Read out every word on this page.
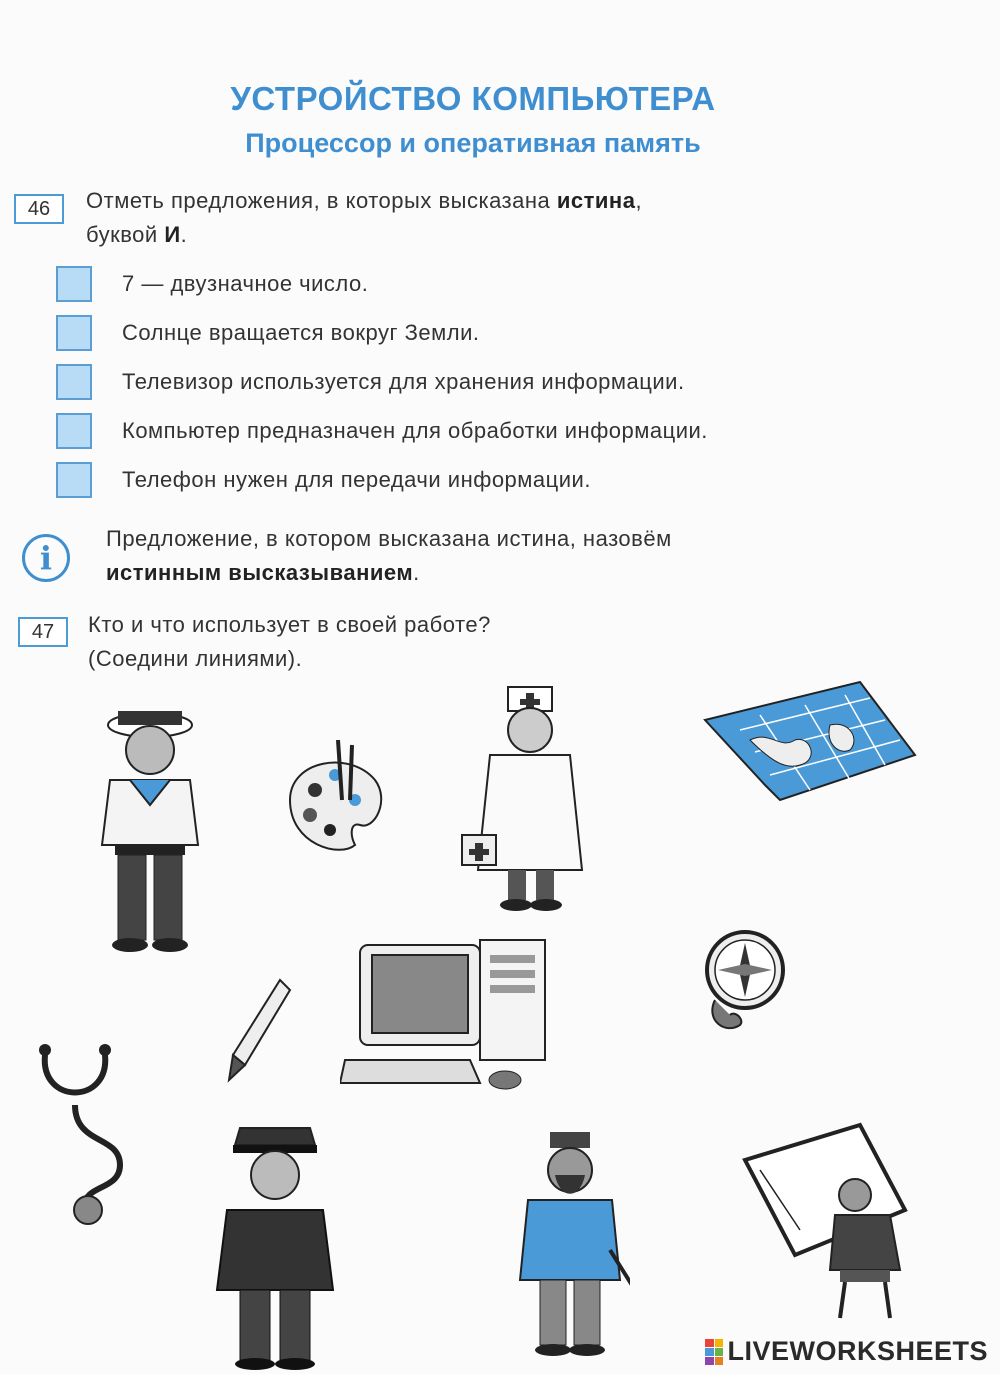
УСТРОЙСТВО КОМПЬЮТЕРА
Процессор и оперативная память
46	Отметь предложения, в которых высказана истина,
буквой И.
7 — двузначное число.
Солнце вращается вокруг Земли.
Телевизор используется для хранения информации.
Компьютер предназначен для обработки информации.
Телефон нужен для передачи информации.
i
Предложение, в котором высказана истина, назовём
истинным высказыванием.
47	Кто и что использует в своей работе?
(Соедини линиями).
LIVEWORKSHEETS
